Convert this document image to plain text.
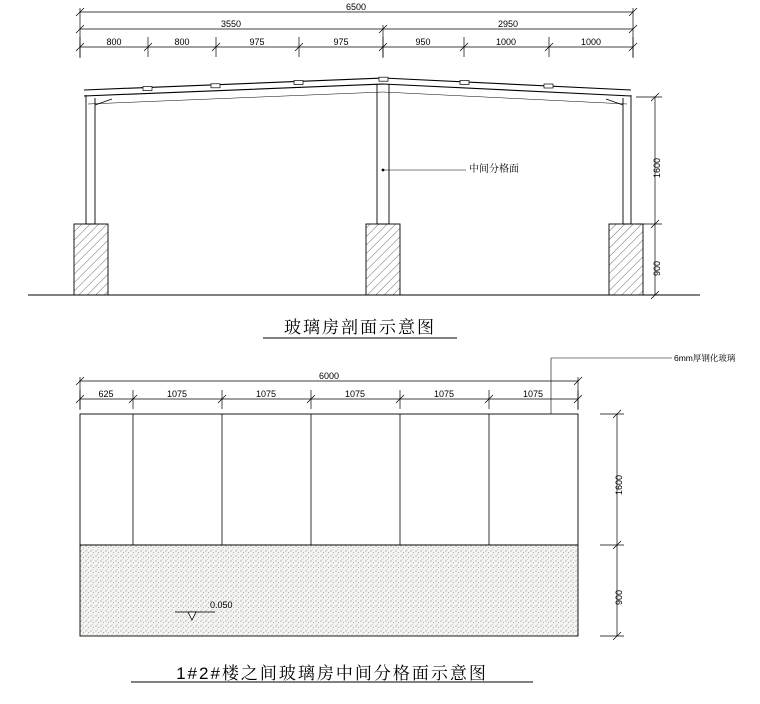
6500
3550	2950
800	800	975	975	950	1000	1000
1600
900
中间分格面
玻璃房剖面示意图
6mm厚钢化玻璃
6000
625	1075	1075	1075	1075	1075
1600
900
0.050
1#2#楼之间玻璃房中间分格面示意图
